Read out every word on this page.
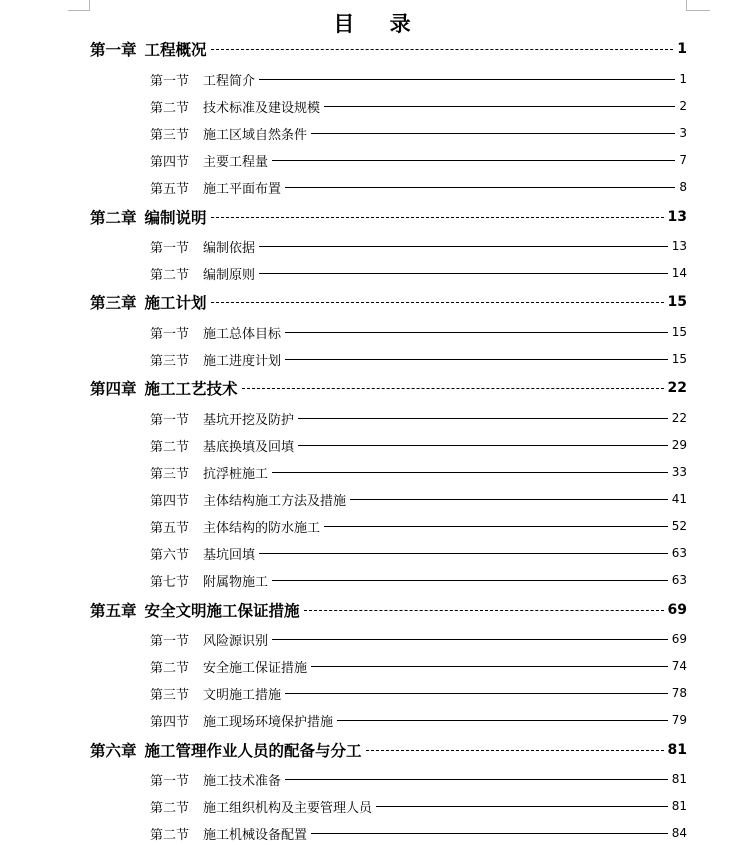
目 录
第一章 工程概况	1
第一节 工程简介	1
第二节 技术标准及建设规模	2
第三节 施工区域自然条件	3
第四节 主要工程量	7
第五节 施工平面布置	8
第二章 编制说明	13
第一节 编制依据	13
第二节 编制原则	14
第三章 施工计划	15
第一节 施工总体目标	15
第三节 施工进度计划	15
第四章 施工工艺技术	22
第一节 基坑开挖及防护	22
第二节 基底换填及回填	29
第三节 抗浮桩施工	33
第四节 主体结构施工方法及措施	41
第五节 主体结构的防水施工	52
第六节 基坑回填	63
第七节 附属物施工	63
第五章 安全文明施工保证措施	69
第一节 风险源识别	69
第二节 安全施工保证措施	74
第三节 文明施工措施	78
第四节 施工现场环境保护措施	79
第六章 施工管理作业人员的配备与分工	81
第一节 施工技术准备	81
第二节 施工组织机构及主要管理人员	81
第二节 施工机械设备配置	84
